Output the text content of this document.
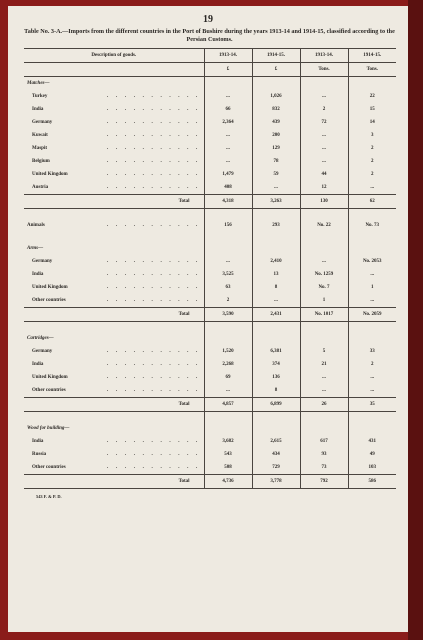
19
Table No. 3-A.—Imports from the different countries in the Port of Bushire during the years 1913-14 and 1914-15, classified according to the Persian Customs.
Description of goods.	1913-14.	1914-15.	1913-14.	1914-15.
	£	£	Tons.	Tons.
Matches—				

Turkey . . . . . . . . . . .	...	1,026	...	22

India . . . . . . . . . . .	66	832	2	15

Germany . . . . . . . . . . .	2,364	439	72	14

Kuwait . . . . . . . . . . .	...	200	...	3

Maspit . . . . . . . . . . .	...	129	...	2

Belgium . . . . . . . . . . .	...	78	...	2

United Kingdom . . . . . . . . . . .	1,479	59	44	2

Austria . . . . . . . . . . .	408	...	12	...
Total	4,318	3,263	130	62

Animals . . . . . . . . . . .	156	293	No. 22	No. 73

Arms—				

Germany . . . . . . . . . . .	...	2,410	...	No. 2053

India . . . . . . . . . . .	3,525	13	No. 1259	...

United Kingdom . . . . . . . . . . .	63	8	No. 7	1

Other countries . . . . . . . . . . .	2	...	1	...
Total	3,590	2,431	No. 1017	No. 2059

Cartridges—				

Germany . . . . . . . . . . .	1,520	6,381	5	33

India . . . . . . . . . . .	2,268	374	21	2

United Kingdom . . . . . . . . . . .	69	136	...	...

Other countries . . . . . . . . . . .	...	8	...	...
Total	4,857	6,899	26	35

Wood for building—				

India . . . . . . . . . . .	3,682	2,615	617	431

Russia . . . . . . . . . . .	543	434	93	49

Other countries . . . . . . . . . . .	508	729	73	103
Total	4,736	3,778	792	586
543 F. & P. D.
